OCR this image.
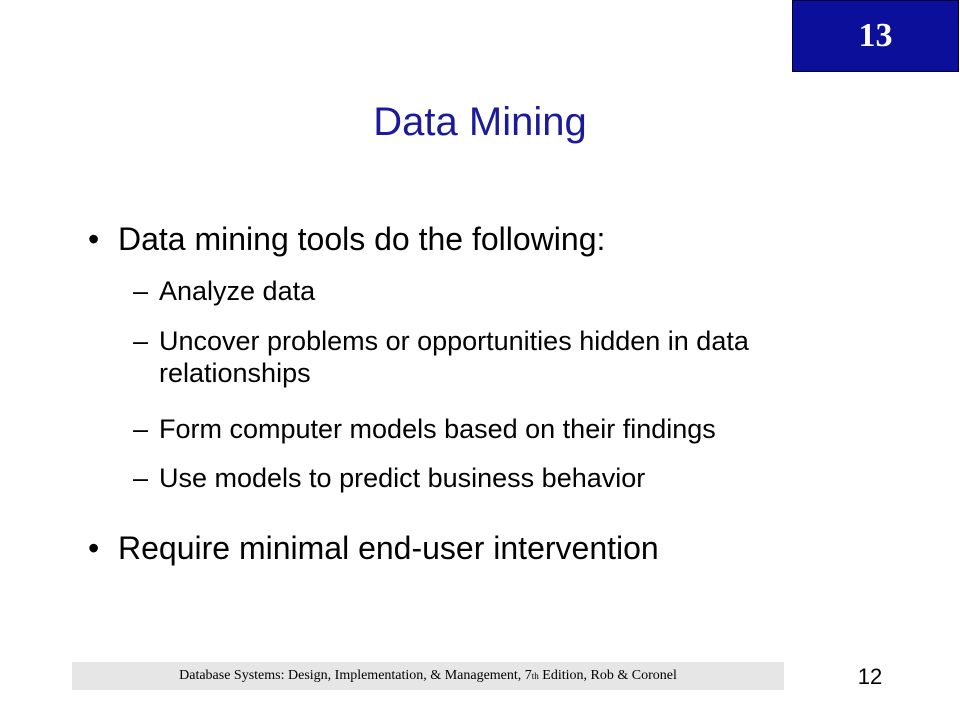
13
Data Mining
• Data mining tools do the following:
– Analyze data
– Uncover problems or opportunities hidden in data relationships
– Form computer models based on their findings
– Use models to predict business behavior
• Require minimal end-user intervention
Database Systems: Design, Implementation, & Management, 7 th Edition, Rob & Coronel	12
